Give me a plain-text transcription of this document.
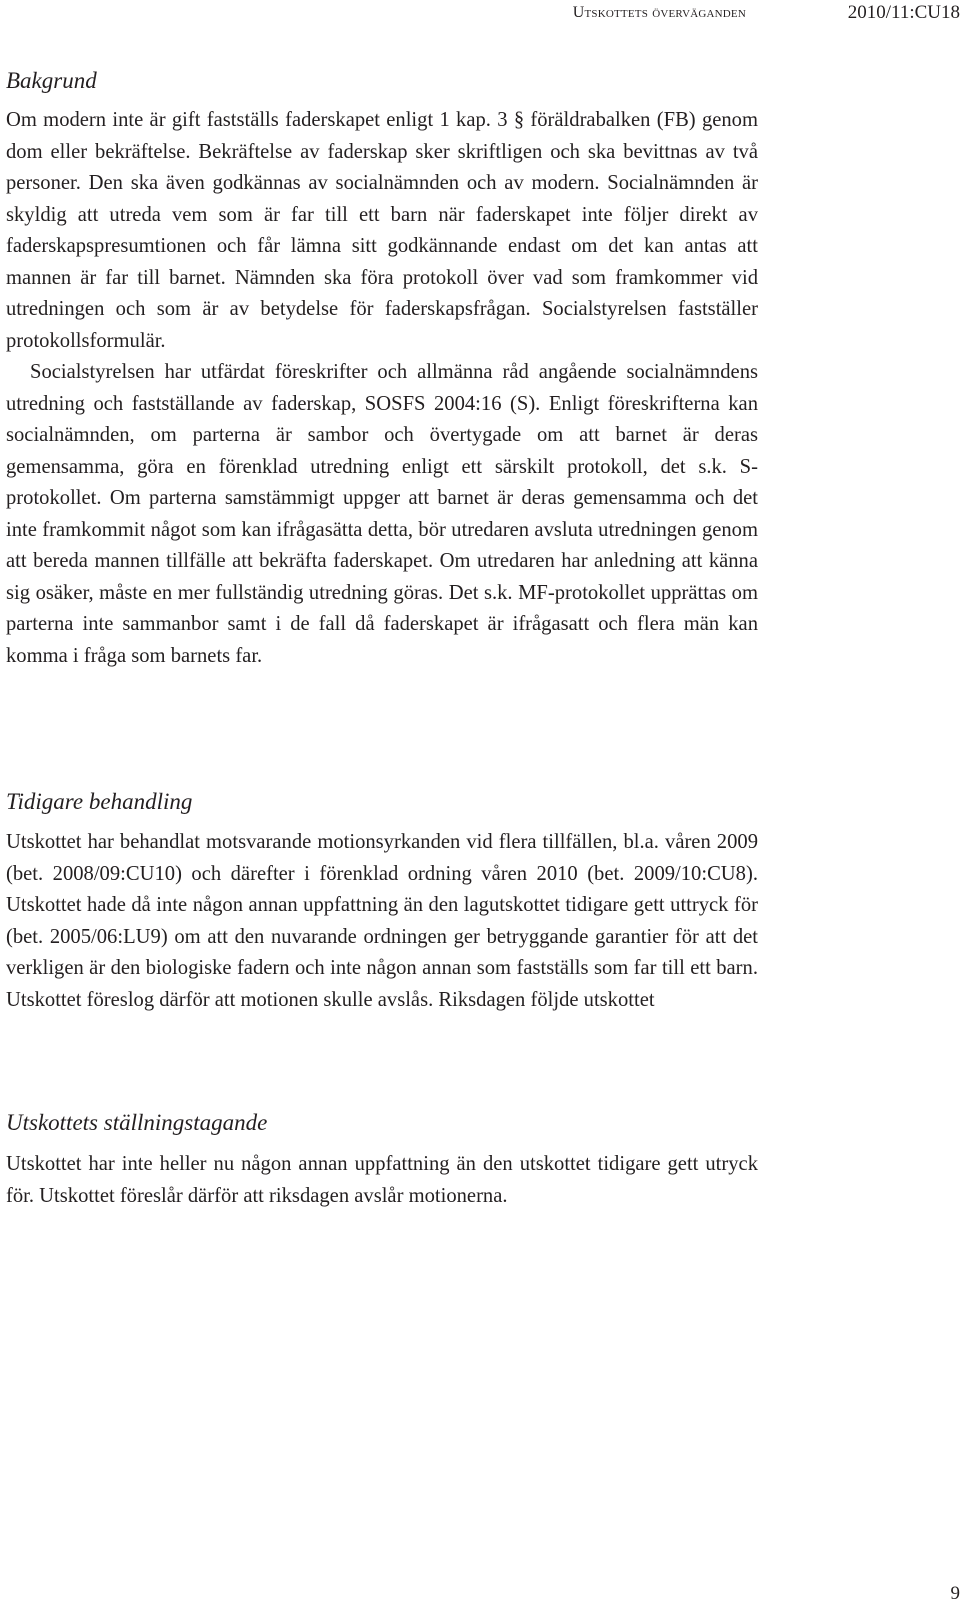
Utskottets överväganden	2010/11:CU18
Bakgrund

Om modern inte är gift fastställs faderskapet enligt 1 kap. 3 § föräldrabalken (FB) genom dom eller bekräftelse. Bekräftelse av faderskap sker skriftligen och ska bevittnas av två personer. Den ska även godkännas av socialnämnden och av modern. Socialnämnden är skyldig att utreda vem som är far till ett barn när faderskapet inte följer direkt av faderskapspresumtionen och får lämna sitt godkännande endast om det kan antas att mannen är far till barnet. Nämnden ska föra protokoll över vad som framkommer vid utredningen och som är av betydelse för faderskapsfrågan. Socialstyrelsen fastställer protokollsformulär.

Socialstyrelsen har utfärdat föreskrifter och allmänna råd angående socialnämndens utredning och fastställande av faderskap, SOSFS 2004:16 (S). Enligt föreskrifterna kan socialnämnden, om parterna är sambor och övertygade om att barnet är deras gemensamma, göra en förenklad utredning enligt ett särskilt protokoll, det s.k. S-protokollet. Om parterna samstämmigt uppger att barnet är deras gemensamma och det inte framkommit något som kan ifrågasätta detta, bör utredaren avsluta utredningen genom att bereda mannen tillfälle att bekräfta faderskapet. Om utredaren har anledning att känna sig osäker, måste en mer fullständig utredning göras. Det s.k. MF-protokollet upprättas om parterna inte sammanbor samt i de fall då faderskapet är ifrågasatt och flera män kan komma i fråga som barnets far.

Tidigare behandling

Utskottet har behandlat motsvarande motionsyrkanden vid flera tillfällen, bl.a. våren 2009 (bet. 2008/09:CU10) och därefter i förenklad ordning våren 2010 (bet. 2009/10:CU8). Utskottet hade då inte någon annan uppfattning än den lagutskottet tidigare gett uttryck för (bet. 2005/06:LU9) om att den nuvarande ordningen ger betryggande garantier för att det verkligen är den biologiske fadern och inte någon annan som fastställs som far till ett barn. Utskottet föreslog därför att motionen skulle avslås. Riksdagen följde utskottet

Utskottets ställningstagande

Utskottet har inte heller nu någon annan uppfattning än den utskottet tidigare gett utryck för. Utskottet föreslår därför att riksdagen avslår motionerna.

9
